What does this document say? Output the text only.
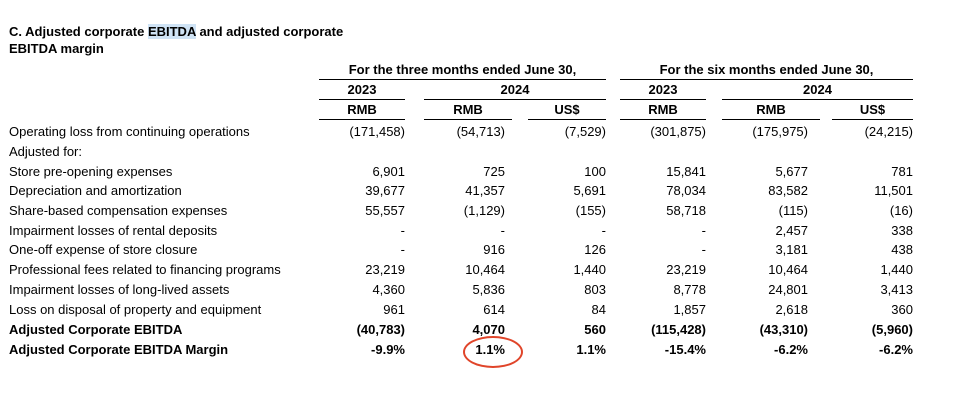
C. Adjusted corporate EBITDA and adjusted corporate
EBITDA margin
For the three months ended June 30,	For the six months ended June 30,
2023	2024	2023	2024
RMB	RMB	US$	RMB	RMB	US$
Operating loss from continuing operations	(171,458)	(54,713)	(7,529)	(301,875)	(175,975)	(24,215)
Adjusted for:
Store pre-opening expenses	6,901	725	100	15,841	5,677	781
Depreciation and amortization	39,677	41,357	5,691	78,034	83,582	11,501
Share-based compensation expenses	55,557	(1,129)	(155)	58,718	(115)	(16)
Impairment losses of rental deposits	-	-	-	-	2,457	338
One-off expense of store closure	-	916	126	-	3,181	438
Professional fees related to financing programs	23,219	10,464	1,440	23,219	10,464	1,440
Impairment losses of long-lived assets	4,360	5,836	803	8,778	24,801	3,413
Loss on disposal of property and equipment	961	614	84	1,857	2,618	360
Adjusted Corporate EBITDA	(40,783)	4,070	560	(115,428)	(43,310)	(5,960)
Adjusted Corporate EBITDA Margin	-9.9%	1.1%	1.1%	-15.4%	-6.2%	-6.2%
